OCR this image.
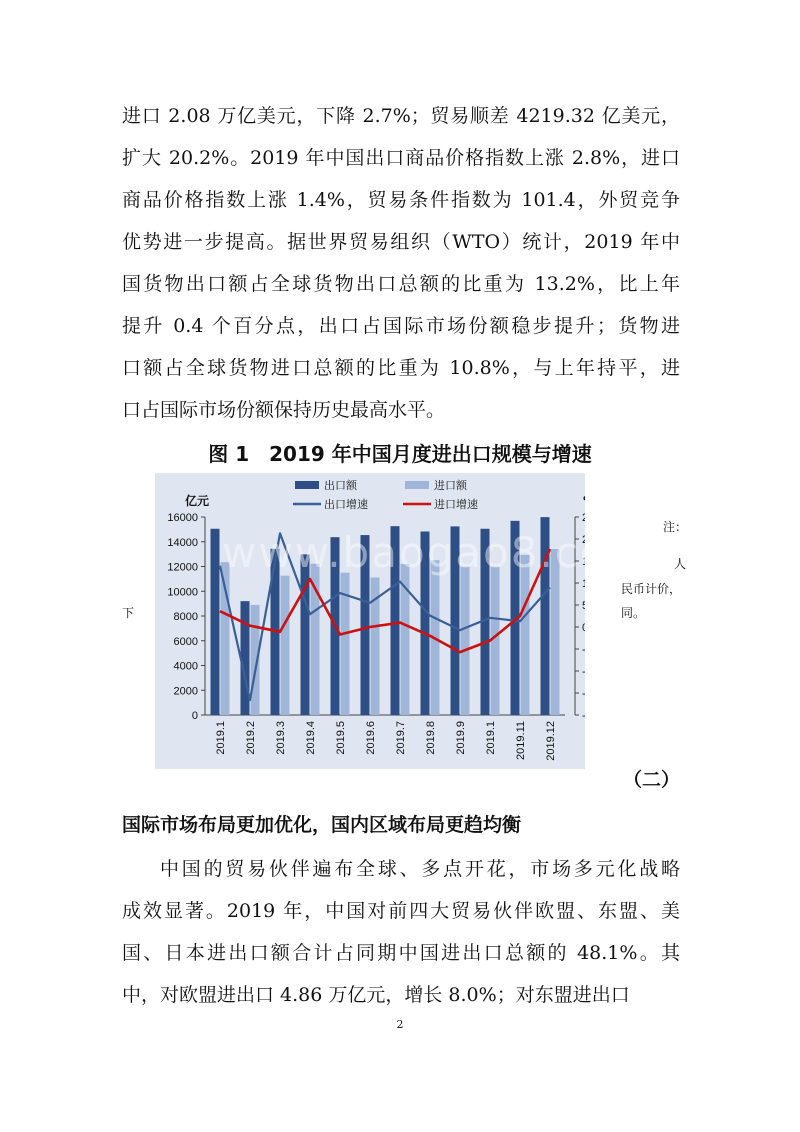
进口 2.08 万亿美元，下降 2.7%；贸易顺差 4219.32 亿美元，
扩大 20.2%。2019 年中国出口商品价格指数上涨 2.8%，进口
商品价格指数上涨 1.4%，贸易条件指数为 101.4，外贸竞争
优势进一步提高。据世界贸易组织（WTO）统计，2019 年中
国货物出口额占全球货物出口总额的比重为 13.2%，比上年
提升 0.4 个百分点，出口占国际市场份额稳步提升；货物进
口额占全球货物进口总额的比重为 10.8%，与上年持平，进
口占国际市场份额保持历史最高水平。
图 1　2019 年中国月度进出口规模与增速
0
2000
4000
6000
8000
10000
12000
14000
16000
亿元
2019.1 2019.2 2019.3 2019.4 2019.5 2019.6 2019.7 2019.8 2019.9 2019.1 2019.11 2019.12
出口额	进口额
出口增速	进口增速
www.baogao8.com
注：
人
民币计价，
同。
下
（二）
国际市场布局更加优化，国内区域布局更趋均衡
中国的贸易伙伴遍布全球、多点开花，市场多元化战略
成效显著。2019 年，中国对前四大贸易伙伴欧盟、东盟、美
国、日本进出口额合计占同期中国进出口总额的 48.1%。其
中，对欧盟进出口 4.86 万亿元，增长 8.0%；对东盟进出口
2
